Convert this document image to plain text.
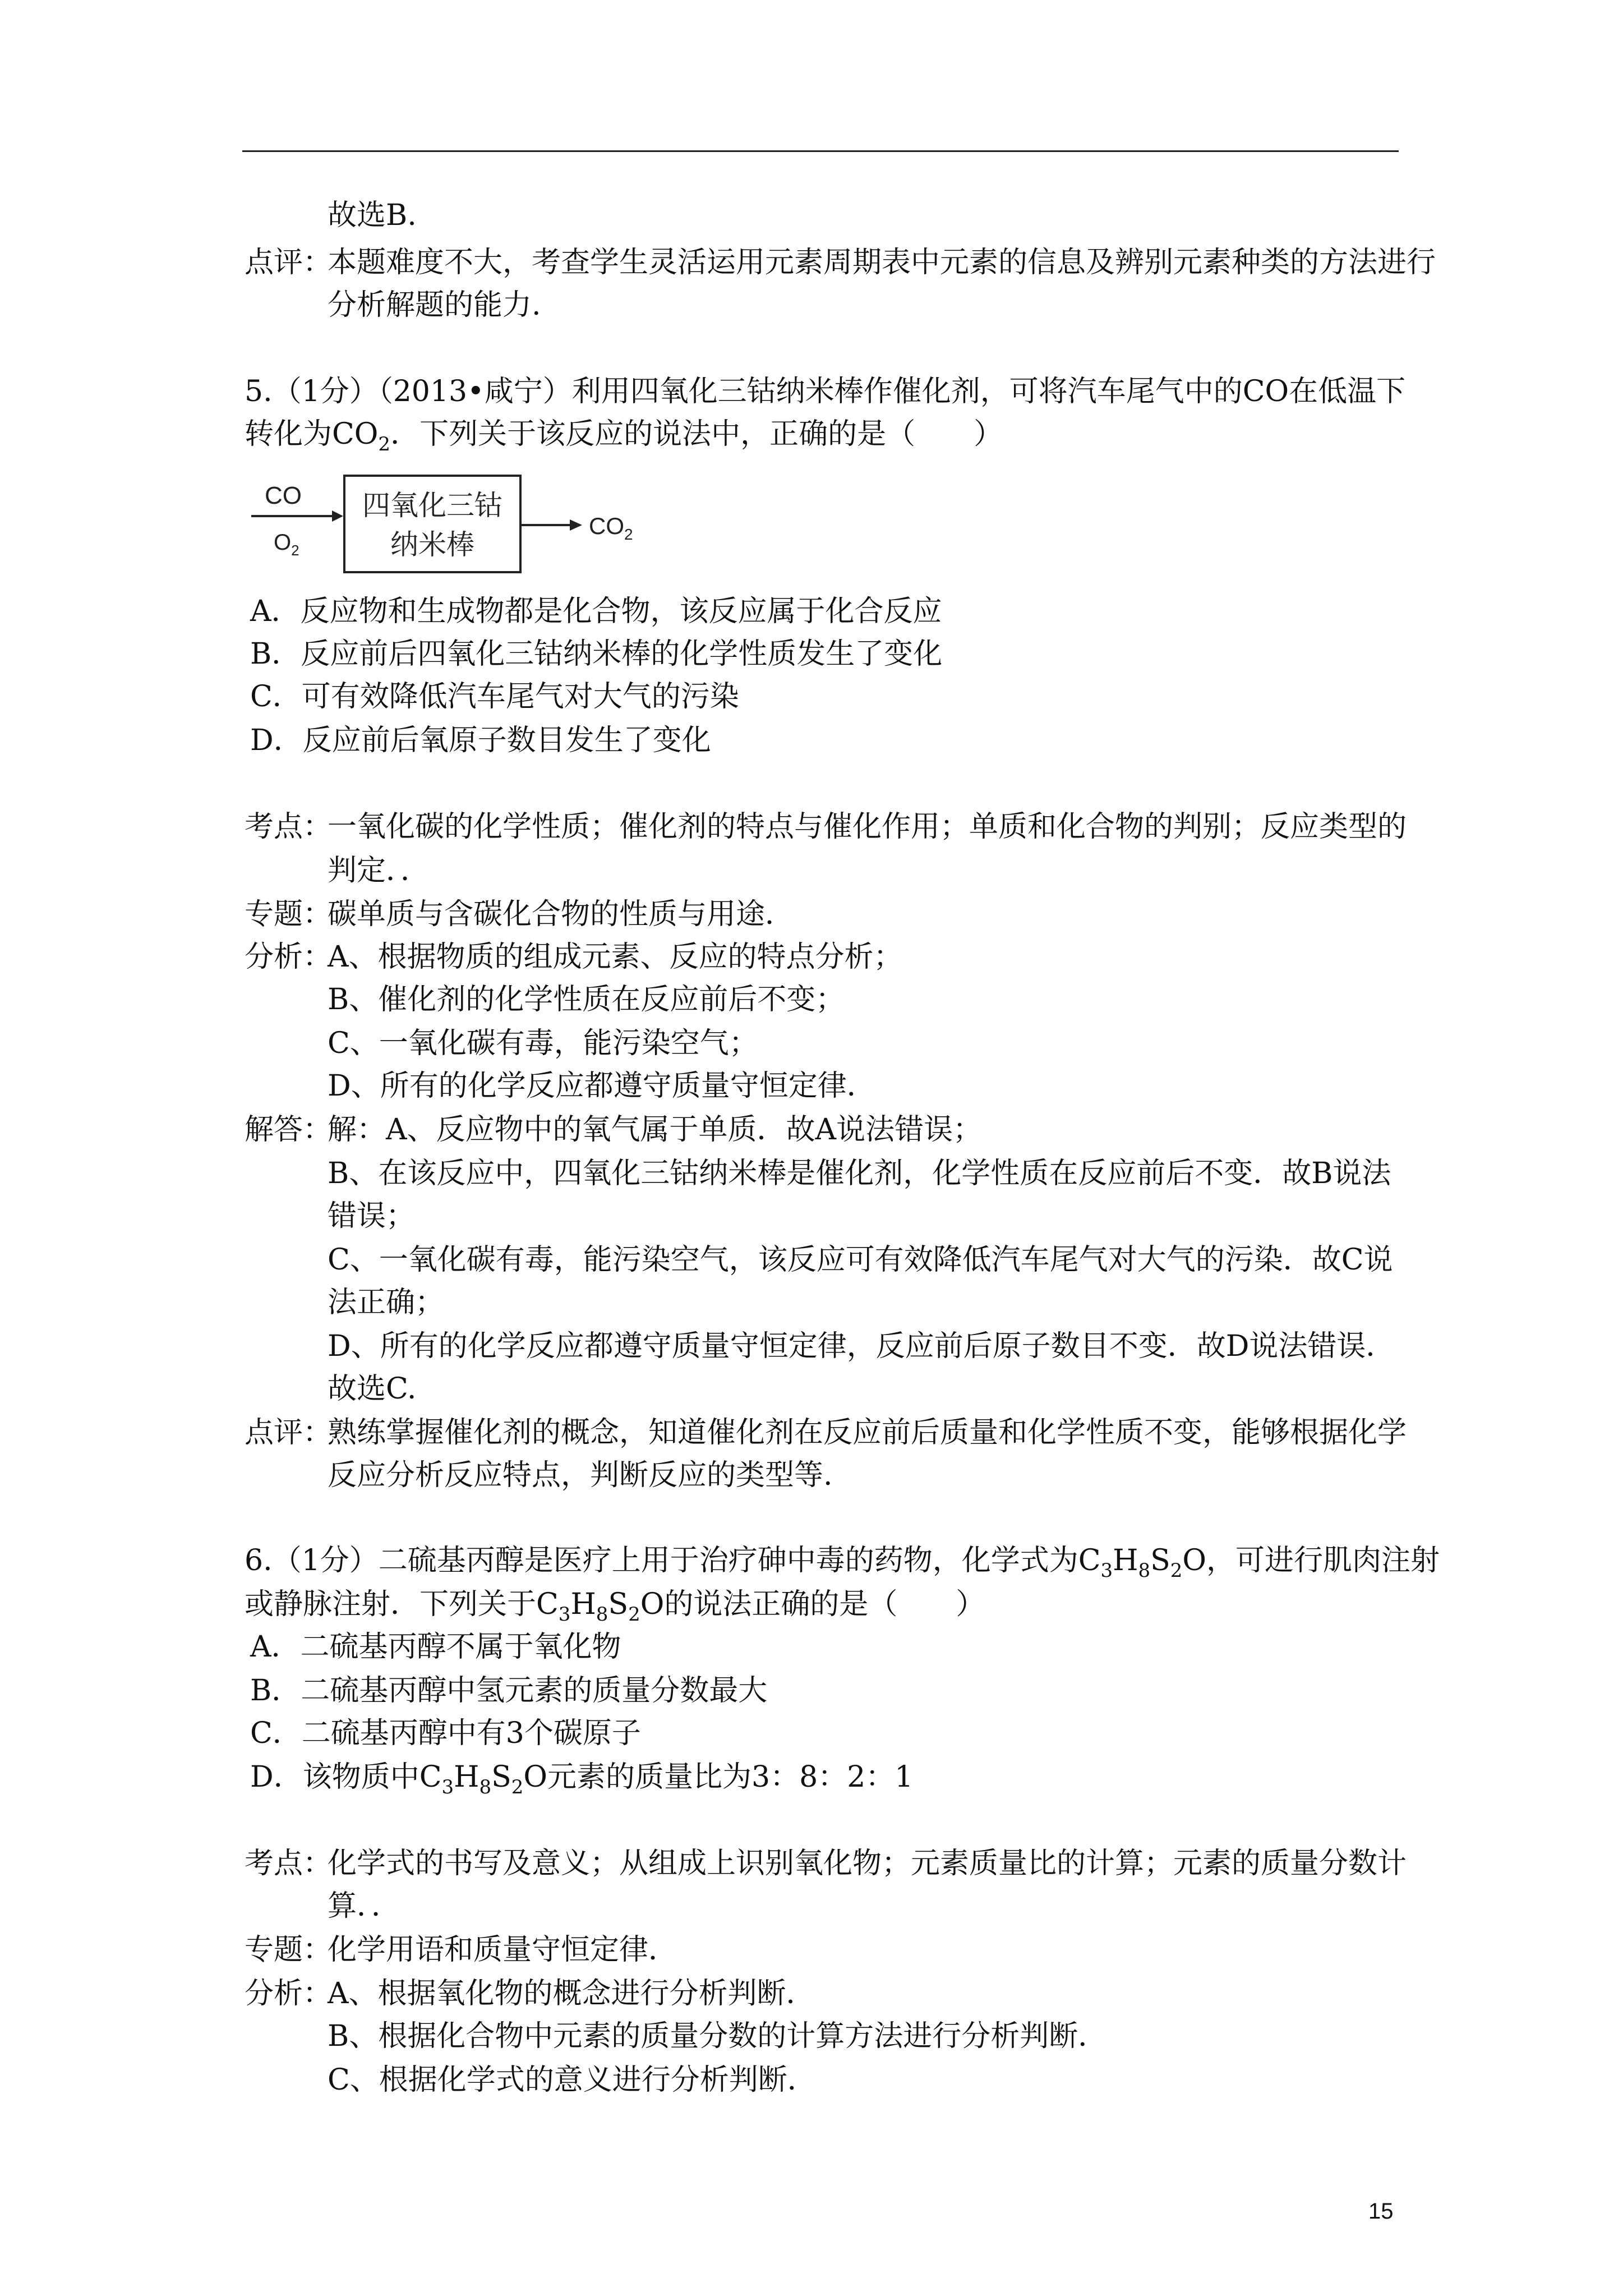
故选B.
点评：本题难度不大，考查学生灵活运用元素周期表中元素的信息及辨别元素种类的方法进行
分析解题的能力.
5.（1分）（2013•咸宁）利用四氧化三钴纳米棒作催化剂，可将汽车尾气中的CO在低温下
转化为$CO_2$．下列关于该反应的说法中，正确的是（　　）
CO
$O_2$
四氧化三钴
纳米棒
$CO_2$
A．反应物和生成物都是化合物，该反应属于化合反应
B．反应前后四氧化三钴纳米棒的化学性质发生了变化
C．可有效降低汽车尾气对大气的污染
D．反应前后氧原子数目发生了变化
考点：一氧化碳的化学性质；催化剂的特点与催化作用；单质和化合物的判别；反应类型的
判定．．
专题：碳单质与含碳化合物的性质与用途．
分析：A、根据物质的组成元素、反应的特点分析；
B、催化剂的化学性质在反应前后不变；
C、一氧化碳有毒，能污染空气；
D、所有的化学反应都遵守质量守恒定律．
解答：解：A、反应物中的氧气属于单质．故A说法错误；
B、在该反应中，四氧化三钴纳米棒是催化剂，化学性质在反应前后不变．故B说法
错误；
C、一氧化碳有毒，能污染空气，该反应可有效降低汽车尾气对大气的污染．故C说
法正确；
D、所有的化学反应都遵守质量守恒定律，反应前后原子数目不变．故D说法错误．
故选C.
点评：熟练掌握催化剂的概念，知道催化剂在反应前后质量和化学性质不变，能够根据化学
反应分析反应特点，判断反应的类型等.
6.（1分）二硫基丙醇是医疗上用于治疗砷中毒的药物，化学式为$C_3H_8S_2O$，可进行肌肉注射
或静脉注射．下列关于$C_3H_8S_2O$的说法正确的是（　　）
A．二硫基丙醇不属于氧化物
B．二硫基丙醇中氢元素的质量分数最大
C．二硫基丙醇中有3个碳原子
D．该物质中$C_3H_8S_2O$元素的质量比为3：8：2：1
考点：化学式的书写及意义；从组成上识别氧化物；元素质量比的计算；元素的质量分数计
算．．
专题：化学用语和质量守恒定律．
分析：A、根据氧化物的概念进行分析判断．
B、根据化合物中元素的质量分数的计算方法进行分析判断．
C、根据化学式的意义进行分析判断．
15
